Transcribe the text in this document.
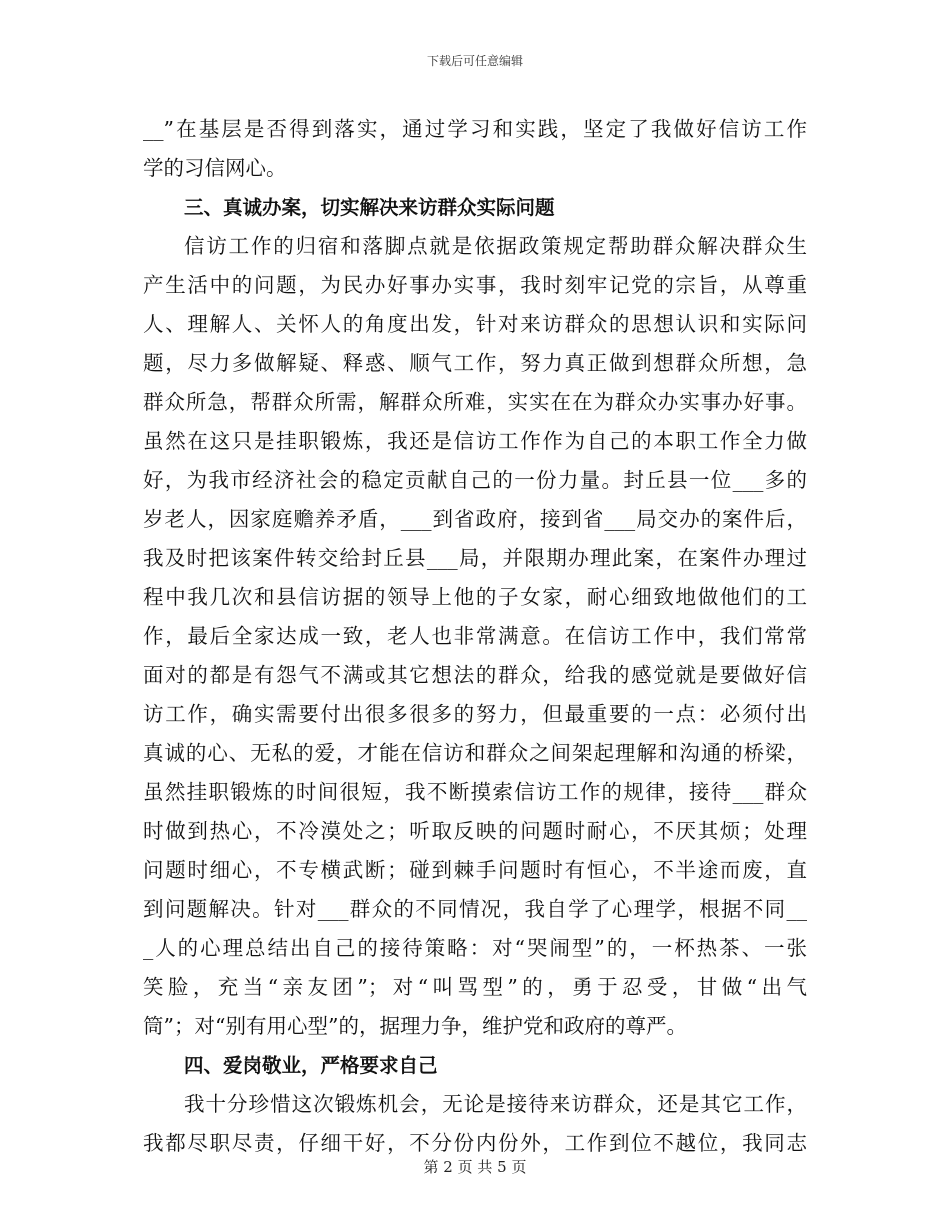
下载后可任意编辑
__”在基层是否得到落实，通过学习和实践，坚定了我做好信访工作
学的习信网心。
三、真诚办案，切实解决来访群众实际问题
信访工作的归宿和落脚点就是依据政策规定帮助群众解决群众生
产生活中的问题，为民办好事办实事，我时刻牢记党的宗旨，从尊重
人、理解人、关怀人的角度出发，针对来访群众的思想认识和实际问
题，尽力多做解疑、释惑、顺气工作，努力真正做到想群众所想，急
群众所急，帮群众所需，解群众所难，实实在在为群众办实事办好事。
虽然在这只是挂职锻炼，我还是信访工作作为自己的本职工作全力做
好，为我市经济社会的稳定贡献自己的一份力量。封丘县一位___多的
岁老人，因家庭赡养矛盾，___到省政府，接到省___局交办的案件后，
我及时把该案件转交给封丘县___局，并限期办理此案，在案件办理过
程中我几次和县信访据的领导上他的子女家，耐心细致地做他们的工
作，最后全家达成一致，老人也非常满意。在信访工作中，我们常常
面对的都是有怨气不满或其它想法的群众，给我的感觉就是要做好信
访工作，确实需要付出很多很多的努力，但最重要的一点：必须付出
真诚的心、无私的爱，才能在信访和群众之间架起理解和沟通的桥梁，
虽然挂职锻炼的时间很短，我不断摸索信访工作的规律，接待___群众
时做到热心，不冷漠处之；听取反映的问题时耐心，不厌其烦；处理
问题时细心，不专横武断；碰到棘手问题时有恒心，不半途而废，直
到问题解决。针对___群众的不同情况，我自学了心理学，根据不同__
_人的心理总结出自己的接待策略：对“哭闹型”的，一杯热茶、一张
笑脸，充当“亲友团”；对“叫骂型”的，勇于忍受，甘做“出气
筒”；对“别有用心型”的，据理力争，维护党和政府的尊严。
四、爱岗敬业，严格要求自己
我十分珍惜这次锻炼机会，无论是接待来访群众，还是其它工作，
我都尽职尽责，仔细干好，不分份内份外，工作到位不越位，我同志
第 2 页 共 5 页
